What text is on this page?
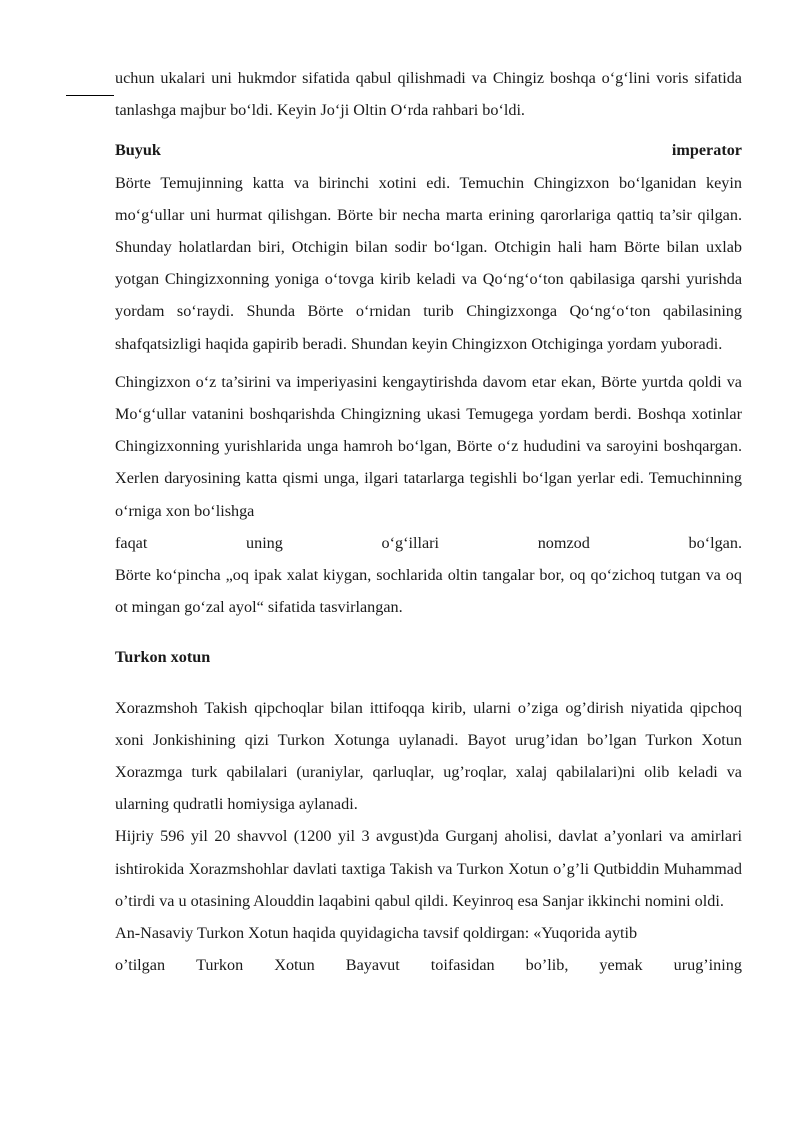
uchun ukalari uni hukmdor sifatida qabul qilishmadi va Chingiz boshqa o‘g‘lini voris sifatida tanlashga majbur bo‘ldi. Keyin Jo‘ji Oltin O‘rda rahbari bo‘ldi.

Buyuk	imperator

Börte Temujinning katta va birinchi xotini edi. Temuchin Chingizxon bo‘lganidan keyin mo‘g‘ullar uni hurmat qilishgan. Börte bir necha marta erining qarorlariga qattiq ta’sir qilgan. Shunday holatlardan biri, Otchigin bilan sodir bo‘lgan. Otchigin hali ham Börte bilan uxlab yotgan Chingizxonning yoniga o‘tovga kirib keladi va Qo‘ng‘o‘ton qabilasiga qarshi yurishda yordam so‘raydi. Shunda Börte o‘rnidan turib Chingizxonga Qo‘ng‘o‘ton qabilasining shafqatsizligi haqida gapirib beradi. Shundan keyin Chingizxon Otchiginga yordam yuboradi.

Chingizxon o‘z ta’sirini va imperiyasini kengaytirishda davom etar ekan, Börte yurtda qoldi va Mo‘g‘ullar vatanini boshqarishda Chingizning ukasi Temugega yordam berdi. Boshqa xotinlar Chingizxonning yurishlarida unga hamroh bo‘lgan, Börte o‘z hududini va saroyini boshqargan. Xerlen daryosining katta qismi unga, ilgari tatarlarga tegishli bo‘lgan yerlar edi. Temuchinning o‘rniga xon bo‘lishga

faqat	uning	o‘g‘illari	nomzod	bo‘lgan.

Börte ko‘pincha „oq ipak xalat kiygan, sochlarida oltin tangalar bor, oq qo‘zichoq tutgan va oq ot mingan go‘zal ayol“ sifatida tasvirlangan.

Turkon xotun

Xorazmshoh Takish qipchoqlar bilan ittifoqqa kirib, ularni o’ziga og’dirish niyatida qipchoq xoni Jonkishining qizi Turkon Xotunga uylanadi. Bayot urug’idan bo’lgan Turkon Xotun Xorazmga turk qabilalari (uraniylar, qarluqlar, ug’roqlar, xalaj qabilalari)ni olib keladi va ularning qudratli homiysiga aylanadi.

Hijriy 596 yil 20 shavvol (1200 yil 3 avgust)da Gurganj aholisi, davlat a’yonlari va amirlari ishtirokida Xorazmshohlar davlati taxtiga Takish va Turkon Xotun o’g’li Qutbiddin Muhammad o’tirdi va u otasining Alouddin laqabini qabul qildi. Keyinroq esa Sanjar ikkinchi nomini oldi.

An-Nasaviy Turkon Xotun haqida quyidagicha tavsif qoldirgan: «Yuqorida aytib

o’tilgan Turkon Xotun Bayavut toifasidan bo’lib, yemak urug’ining
